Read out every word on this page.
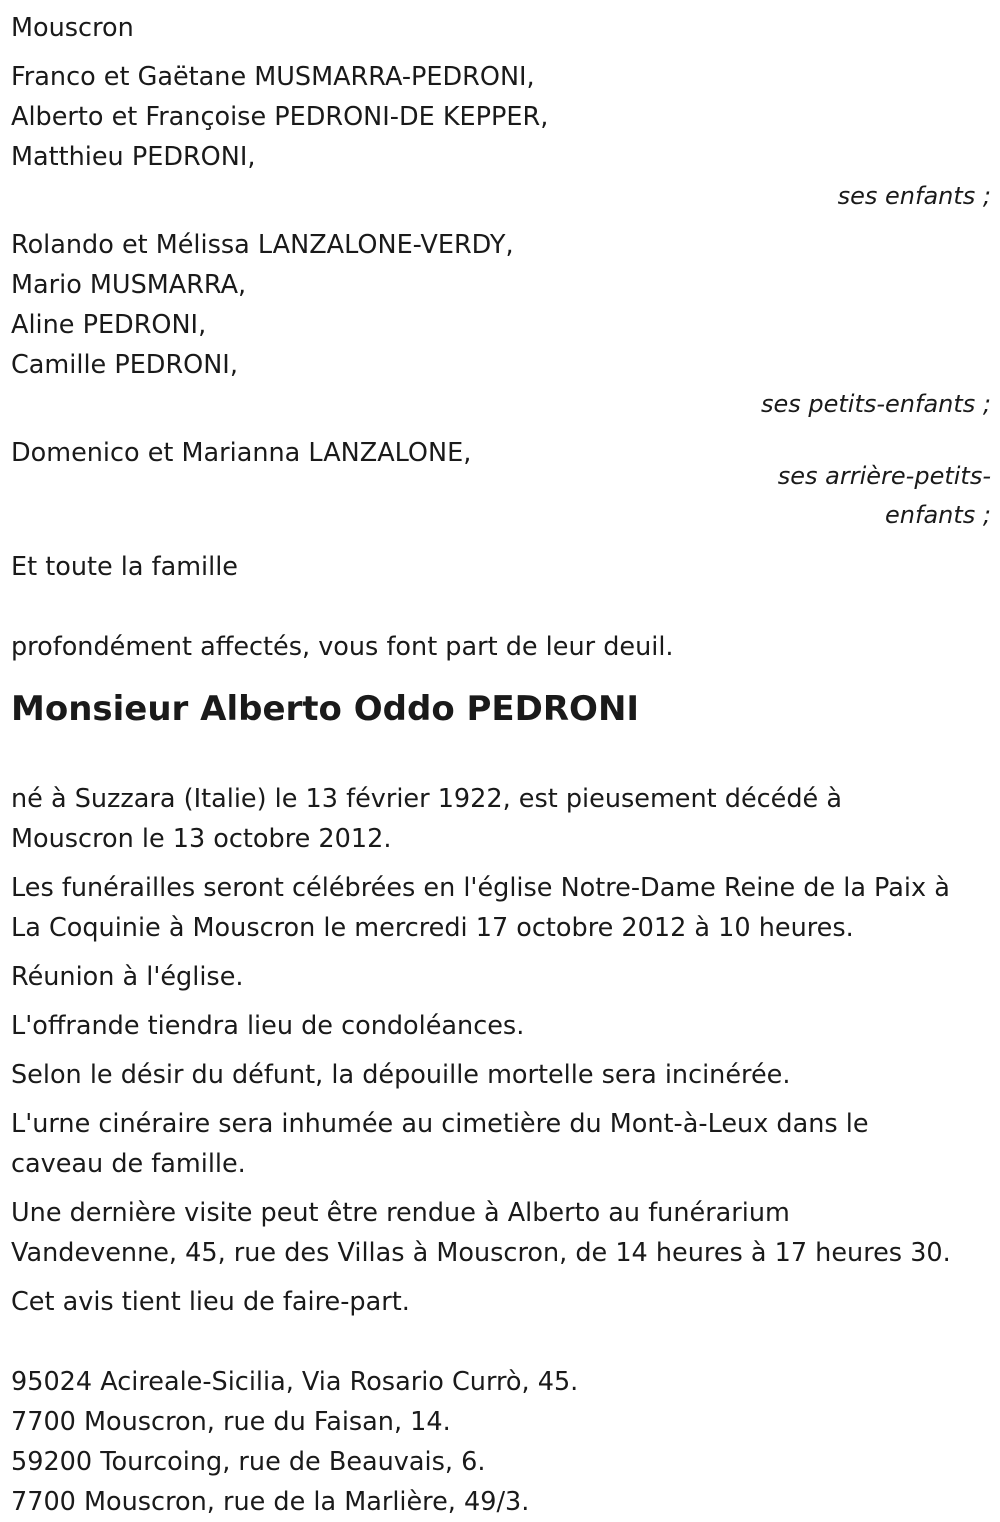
Mouscron
Franco et Gaëtane MUSMARRA-PEDRONI,
Alberto et Françoise PEDRONI-DE KEPPER,
Matthieu PEDRONI,
ses enfants ;
Rolando et Mélissa LANZALONE-VERDY,
Mario MUSMARRA,
Aline PEDRONI,
Camille PEDRONI,
ses petits-enfants ;
Domenico et Marianna LANZALONE,
ses arrière-petits-
enfants ;
Et toute la famille
profondément affectés, vous font part de leur deuil.
Monsieur Alberto Oddo PEDRONI
né à Suzzara (Italie) le 13 février 1922, est pieusement décédé à
Mouscron le 13 octobre 2012.
Les funérailles seront célébrées en l'église Notre-Dame Reine de la Paix à
La Coquinie à Mouscron le mercredi 17 octobre 2012 à 10 heures.
Réunion à l'église.
L'offrande tiendra lieu de condoléances.
Selon le désir du défunt, la dépouille mortelle sera incinérée.
L'urne cinéraire sera inhumée au cimetière du Mont-à-Leux dans le
caveau de famille.
Une dernière visite peut être rendue à Alberto au funérarium
Vandevenne, 45, rue des Villas à Mouscron, de 14 heures à 17 heures 30.
Cet avis tient lieu de faire-part.
95024 Acireale-Sicilia, Via Rosario Currò, 45.
7700 Mouscron, rue du Faisan, 14.
59200 Tourcoing, rue de Beauvais, 6.
7700 Mouscron, rue de la Marlière, 49/3.
